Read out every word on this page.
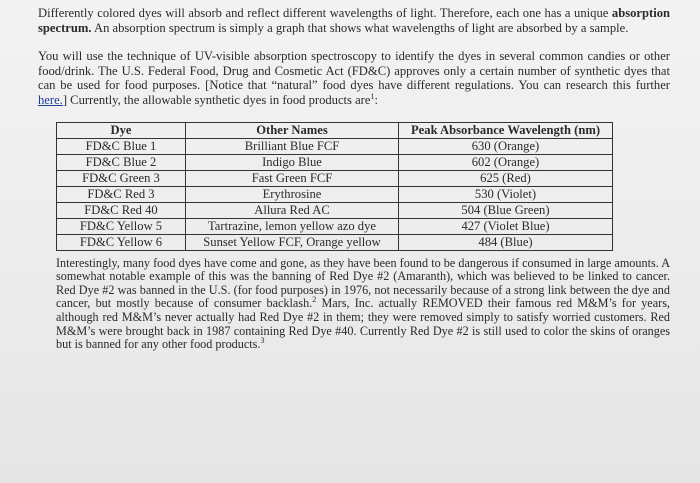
Differently colored dyes will absorb and reflect different wavelengths of light. Therefore, each one has a unique absorption spectrum. An absorption spectrum is simply a graph that shows what wavelengths of light are absorbed by a sample.

You will use the technique of UV-visible absorption spectroscopy to identify the dyes in several common candies or other food/drink. The U.S. Federal Food, Drug and Cosmetic Act (FD&C) approves only a certain number of synthetic dyes that can be used for food purposes. [Notice that “natural” food dyes have different regulations. You can research this further here.] Currently, the allowable synthetic dyes in food products are$^1$:

Dye	Other Names	Peak Absorbance Wavelength (nm)
FD&C Blue 1	Brilliant Blue FCF	630 (Orange)
FD&C Blue 2	Indigo Blue	602 (Orange)
FD&C Green 3	Fast Green FCF	625 (Red)
FD&C Red 3	Erythrosine	530 (Violet)
FD&C Red 40	Allura Red AC	504 (Blue Green)
FD&C Yellow 5	Tartrazine, lemon yellow azo dye	427 (Violet Blue)
FD&C Yellow 6	Sunset Yellow FCF, Orange yellow	484 (Blue)

Interestingly, many food dyes have come and gone, as they have been found to be dangerous if consumed in large amounts. A somewhat notable example of this was the banning of Red Dye #2 (Amaranth), which was believed to be linked to cancer. Red Dye #2 was banned in the U.S. (for food purposes) in 1976, not necessarily because of a strong link between the dye and cancer, but mostly because of consumer backlash.$^2$ Mars, Inc. actually REMOVED their famous red M&M’s for years, although red M&M’s never actually had Red Dye #2 in them; they were removed simply to satisfy worried customers. Red M&M’s were brought back in 1987 containing Red Dye #40. Currently Red Dye #2 is still used to color the skins of oranges but is banned for any other food products.$^3$
